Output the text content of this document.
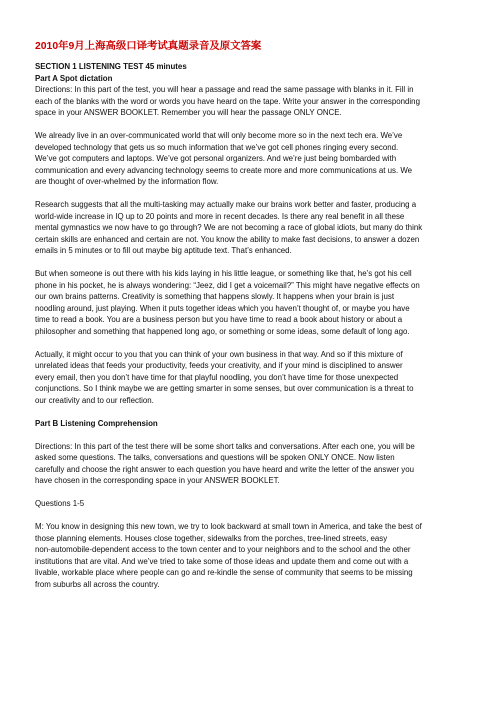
2010年9月上海高级口译考试真题录音及原文答案
SECTION 1 LISTENING TEST 45 minutes
Part A Spot dictation
Directions: In this part of the test, you will hear a passage and read the same passage with blanks in it. Fill in
each of the blanks with the word or words you have heard on the tape. Write your answer in the corresponding
space in your ANSWER BOOKLET. Remember you will hear the passage ONLY ONCE.
We already live in an over-communicated world that will only become more so in the next tech era. We’ve
developed technology that gets us so much information that we’ve got cell phones ringing every second.
We’ve got computers and laptops. We’ve got personal organizers. And we’re just being bombarded with
communication and every advancing technology seems to create more and more communications at us. We
are thought of over-whelmed by the information flow.
Research suggests that all the multi-tasking may actually make our brains work better and faster, producing a
world-wide increase in IQ up to 20 points and more in recent decades. Is there any real benefit in all these
mental gymnastics we now have to go through? We are not becoming a race of global idiots, but many do think
certain skills are enhanced and certain are not. You know the ability to make fast decisions, to answer a dozen
emails in 5 minutes or to fill out maybe big aptitude text. That’s enhanced.
But when someone is out there with his kids laying in his little league, or something like that, he’s got his cell
phone in his pocket, he is always wondering: “Jeez, did I get a voicemail?” This might have negative effects on
our own brains patterns. Creativity is something that happens slowly. It happens when your brain is just
noodling around, just playing. When it puts together ideas which you haven’t thought of, or maybe you have
time to read a book. You are a business person but you have time to read a book about history or about a
philosopher and something that happened long ago, or something or some ideas, some default of long ago.
Actually, it might occur to you that you can think of your own business in that way. And so if this mixture of
unrelated ideas that feeds your productivity, feeds your creativity, and if your mind is disciplined to answer
every email, then you don’t have time for that playful noodling, you don’t have time for those unexpected
conjunctions. So I think maybe we are getting smarter in some senses, but over communication is a threat to
our creativity and to our reflection.
Part B Listening Comprehension
Directions: In this part of the test there will be some short talks and conversations. After each one, you will be
asked some questions. The talks, conversations and questions will be spoken ONLY ONCE. Now listen
carefully and choose the right answer to each question you have heard and write the letter of the answer you
have chosen in the corresponding space in your ANSWER BOOKLET.

Questions 1-5

M: You know in designing this new town, we try to look backward at small town in America, and take the best of
those planning elements. Houses close together, sidewalks from the porches, tree-lined streets, easy
non-automobile-dependent access to the town center and to your neighbors and to the school and the other
institutions that are vital. And we’ve tried to take some of those ideas and update them and come out with a
livable, workable place where people can go and re-kindle the sense of community that seems to be missing
from suburbs all across the country.
